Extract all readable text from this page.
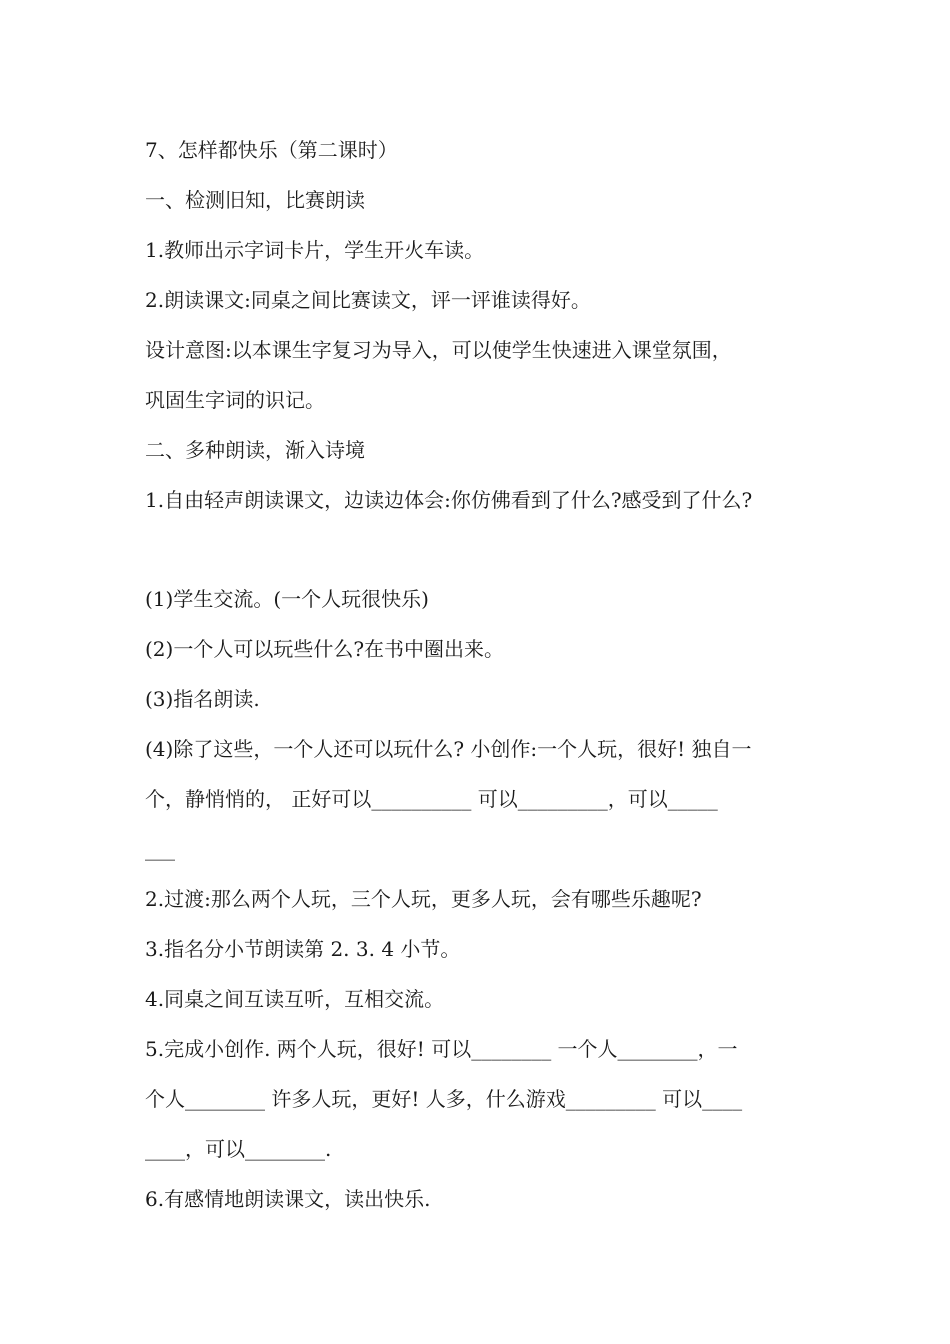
7、怎样都快乐（第二课时）
一、检测旧知，比赛朗读
1.教师出示字词卡片，学生开火车读。
2.朗读课文:同桌之间比赛读文，评一评谁读得好。
设计意图:以本课生字复习为导入，可以使学生快速进入课堂氛围，
巩固生字词的识记。
二、多种朗读，渐入诗境
1.自由轻声朗读课文，边读边体会:你仿佛看到了什么?感受到了什么?
(1)学生交流。(一个人玩很快乐)
(2)一个人可以玩些什么?在书中圈出来。
(3)指名朗读.
(4)除了这些，一个人还可以玩什么? 小创作:一个人玩，很好! 独自一
个，静悄悄的， 正好可以__________ 可以_________，可以_____
___
2.过渡:那么两个人玩，三个人玩，更多人玩，会有哪些乐趣呢?
3.指名分小节朗读第 2. 3. 4 小节。
4.同桌之间互读互听，互相交流。
5.完成小创作. 两个人玩，很好! 可以________ 一个人________，一
个人________ 许多人玩，更好! 人多，什么游戏_________ 可以____
____，可以________.
6.有感情地朗读课文，读出快乐.
